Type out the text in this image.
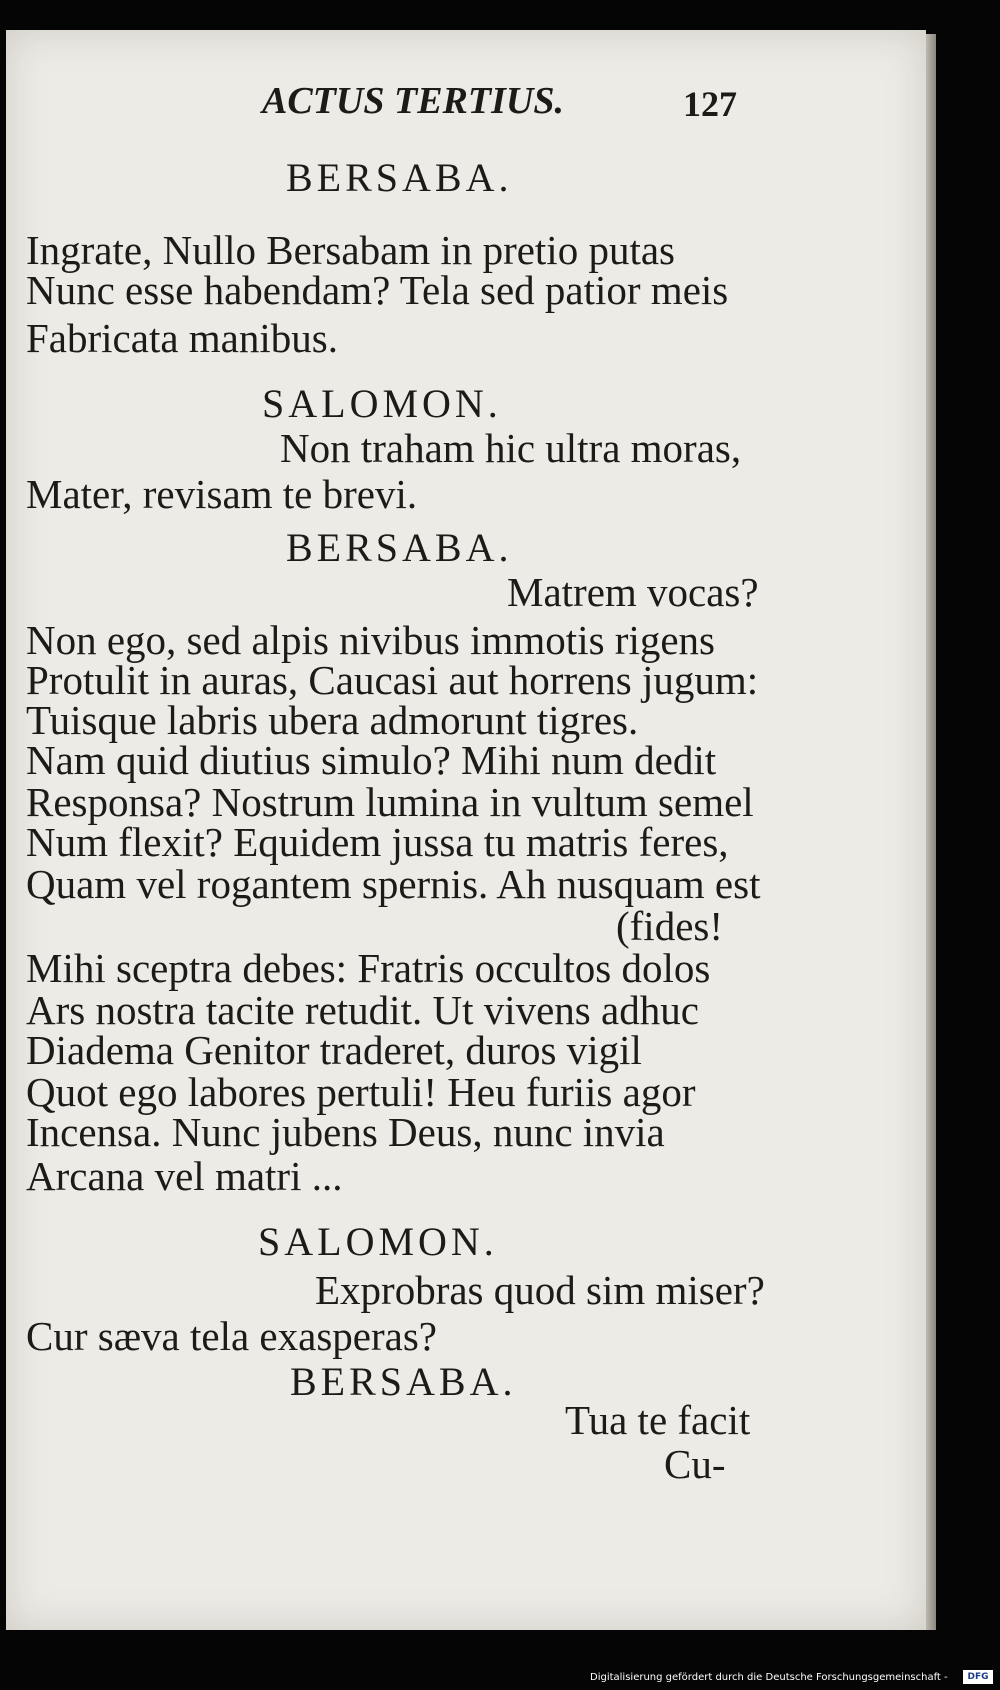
ACTUS TERTIUS.	127
BERSABA.
Ingrate, Nullo Bersabam in pretio putas
Nunc esse habendam? Tela sed patior meis
Fabricata manibus.
SALOMON.
Non traham hic ultra moras,
Mater, revisam te brevi.
BERSABA.
Matrem vocas?
Non ego, sed alpis nivibus immotis rigens
Protulit in auras, Caucasi aut horrens jugum:
Tuisque labris ubera admorunt tigres.
Nam quid diutius simulo? Mihi num dedit
Responsa? Nostrum lumina in vultum semel
Num flexit? Equidem jussa tu matris feres,
Quam vel rogantem spernis. Ah nusquam est
(fides!
Mihi sceptra debes: Fratris occultos dolos
Ars nostra tacite retudit. Ut vivens adhuc
Diadema Genitor traderet, duros vigil
Quot ego labores pertuli! Heu furiis agor
Incensa. Nunc jubens Deus, nunc invia
Arcana vel matri ...
SALOMON.
Exprobras quod sim miser?
Cur sæva tela exasperas?
BERSABA.
Tua te facit
Cu-
Digitalisierung gefördert durch die Deutsche Forschungsgemeinschaft -	DFG
